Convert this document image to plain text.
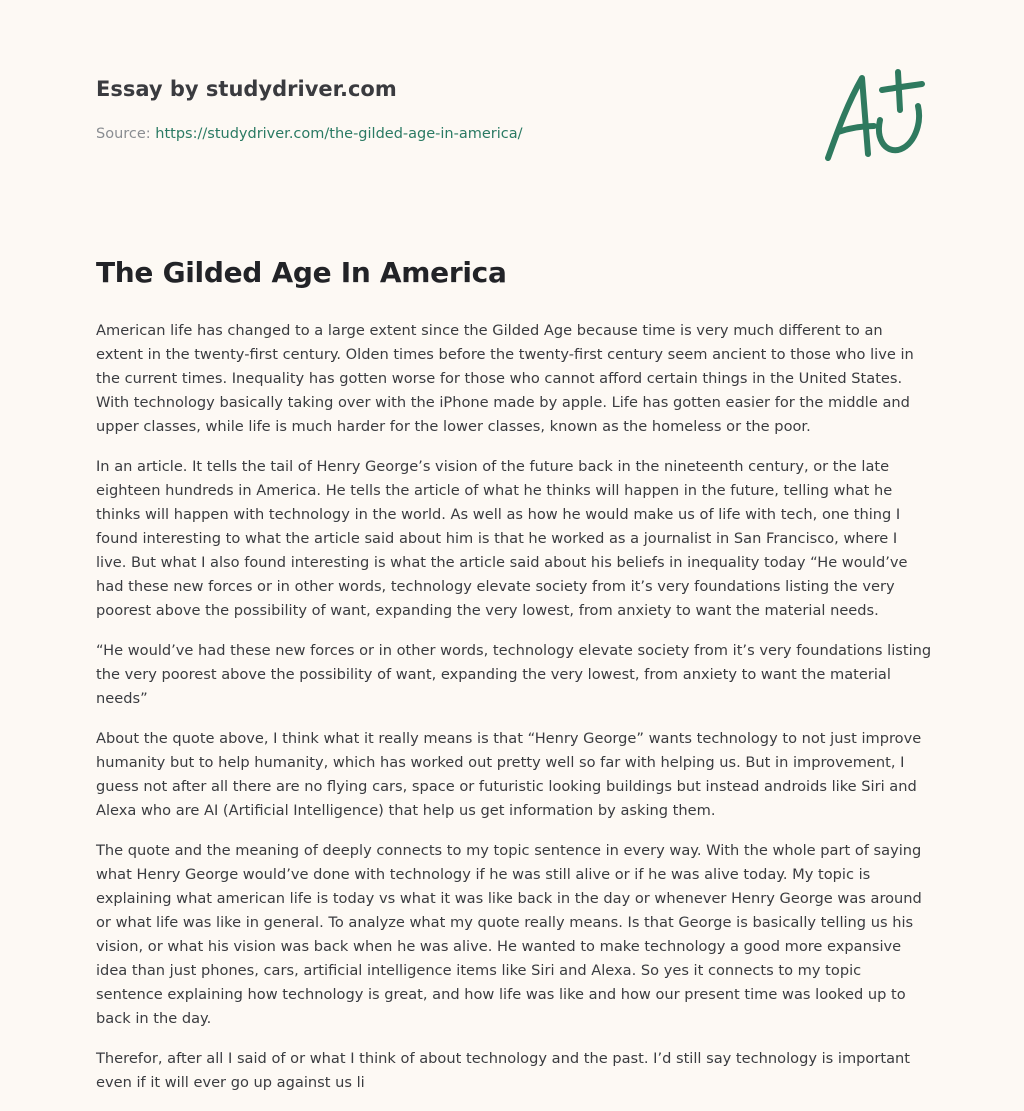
Essay by studydriver.com
Source: https://studydriver.com/the-gilded-age-in-america/
The Gilded Age In America

American life has changed to a large extent since the Gilded Age because time is very much different to an extent in the twenty-first century. Olden times before the twenty-first century seem ancient to those who live in the current times. Inequality has gotten worse for those who cannot afford certain things in the United States. With technology basically taking over with the iPhone made by apple. Life has gotten easier for the middle and upper classes, while life is much harder for the lower classes, known as the homeless or the poor.

In an article. It tells the tail of Henry George’s vision of the future back in the nineteenth century, or the late eighteen hundreds in America. He tells the article of what he thinks will happen in the future, telling what he thinks will happen with technology in the world. As well as how he would make us of life with tech, one thing I found interesting to what the article said about him is that he worked as a journalist in San Francisco, where I live. But what I also found interesting is what the article said about his beliefs in inequality today “He would’ve had these new forces or in other words, technology elevate society from it’s very foundations listing the very poorest above the possibility of want, expanding the very lowest, from anxiety to want the material needs.

“He would’ve had these new forces or in other words, technology elevate society from it’s very foundations listing the very poorest above the possibility of want, expanding the very lowest, from anxiety to want the material needs”

About the quote above, I think what it really means is that “Henry George” wants technology to not just improve humanity but to help humanity, which has worked out pretty well so far with helping us. But in improvement, I guess not after all there are no flying cars, space or futuristic looking buildings but instead androids like Siri and Alexa who are AI (Artificial Intelligence) that help us get information by asking them.

The quote and the meaning of deeply connects to my topic sentence in every way. With the whole part of saying what Henry George would’ve done with technology if he was still alive or if he was alive today. My topic is explaining what american life is today vs what it was like back in the day or whenever Henry George was around or what life was like in general. To analyze what my quote really means. Is that George is basically telling us his vision, or what his vision was back when he was alive. He wanted to make technology a good more expansive idea than just phones, cars, artificial intelligence items like Siri and Alexa. So yes it connects to my topic sentence explaining how technology is great, and how life was like and how our present time was looked up to back in the day.

Therefor, after all I said of or what I think of about technology and the past. I’d still say technology is important even if it will ever go up against us li
